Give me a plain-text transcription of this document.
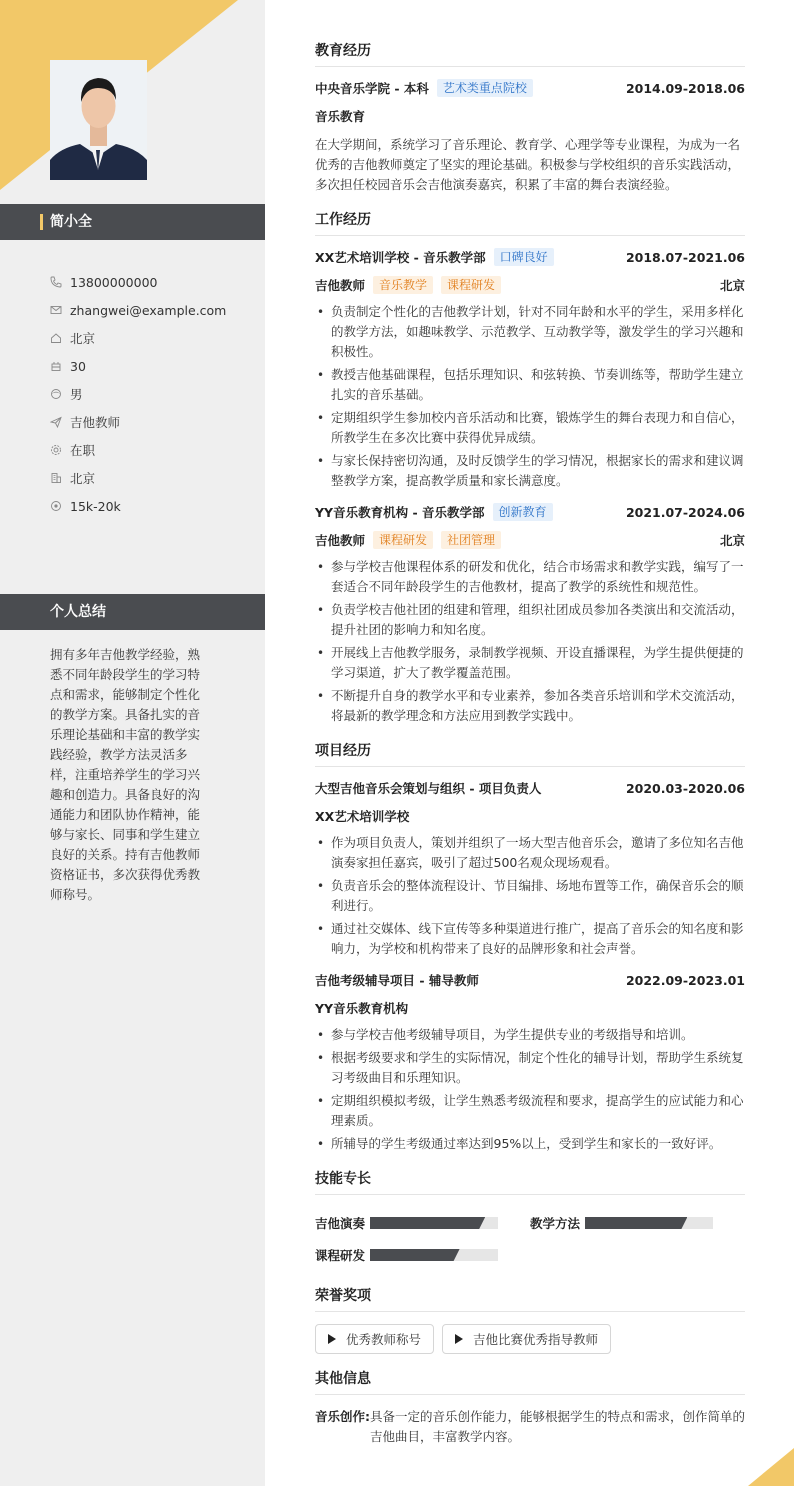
简小全
13800000000
zhangwei@example.com
北京
30
男
吉他教师
在职
北京
15k-20k
个人总结
拥有多年吉他教学经验，熟悉不同年龄段学生的学习特点和需求，能够制定个性化的教学方案。具备扎实的音乐理论基础和丰富的教学实践经验，教学方法灵活多样，注重培养学生的学习兴趣和创造力。具备良好的沟通能力和团队协作精神，能够与家长、同事和学生建立良好的关系。持有吉他教师资格证书，多次获得优秀教师称号。
教育经历
中央音乐学院 - 本科	艺术类重点院校	2014.09-2018.06
音乐教育
在大学期间，系统学习了音乐理论、教育学、心理学等专业课程，为成为一名优秀的吉他教师奠定了坚实的理论基础。积极参与学校组织的音乐实践活动，多次担任校园音乐会吉他演奏嘉宾，积累了丰富的舞台表演经验。
工作经历
XX艺术培训学校 - 音乐教学部	口碑良好	2018.07-2021.06
吉他教师	音乐教学	课程研发	北京
• 负责制定个性化的吉他教学计划，针对不同年龄和水平的学生，采用多样化的教学方法，如趣味教学、示范教学、互动教学等，激发学生的学习兴趣和积极性。
• 教授吉他基础课程，包括乐理知识、和弦转换、节奏训练等，帮助学生建立扎实的音乐基础。
• 定期组织学生参加校内音乐活动和比赛，锻炼学生的舞台表现力和自信心，所教学生在多次比赛中获得优异成绩。
• 与家长保持密切沟通，及时反馈学生的学习情况，根据家长的需求和建议调整教学方案，提高教学质量和家长满意度。
YY音乐教育机构 - 音乐教学部	创新教育	2021.07-2024.06
吉他教师	课程研发	社团管理	北京
• 参与学校吉他课程体系的研发和优化，结合市场需求和教学实践，编写了一套适合不同年龄段学生的吉他教材，提高了教学的系统性和规范性。
• 负责学校吉他社团的组建和管理，组织社团成员参加各类演出和交流活动，提升社团的影响力和知名度。
• 开展线上吉他教学服务，录制教学视频、开设直播课程，为学生提供便捷的学习渠道，扩大了教学覆盖范围。
• 不断提升自身的教学水平和专业素养，参加各类音乐培训和学术交流活动，将最新的教学理念和方法应用到教学实践中。
项目经历
大型吉他音乐会策划与组织 - 项目负责人	2020.03-2020.06
XX艺术培训学校
• 作为项目负责人，策划并组织了一场大型吉他音乐会，邀请了多位知名吉他演奏家担任嘉宾，吸引了超过500名观众现场观看。
• 负责音乐会的整体流程设计、节目编排、场地布置等工作，确保音乐会的顺利进行。
• 通过社交媒体、线下宣传等多种渠道进行推广，提高了音乐会的知名度和影响力，为学校和机构带来了良好的品牌形象和社会声誉。
吉他考级辅导项目 - 辅导教师	2022.09-2023.01
YY音乐教育机构
• 参与学校吉他考级辅导项目，为学生提供专业的考级指导和培训。
• 根据考级要求和学生的实际情况，制定个性化的辅导计划，帮助学生系统复习考级曲目和乐理知识。
• 定期组织模拟考级，让学生熟悉考级流程和要求，提高学生的应试能力和心理素质。
• 所辅导的学生考级通过率达到95%以上，受到学生和家长的一致好评。
技能专长
吉他演奏	教学方法
课程研发
荣誉奖项
优秀教师称号	吉他比赛优秀指导教师
其他信息
音乐创作: 具备一定的音乐创作能力，能够根据学生的特点和需求，创作简单的吉他曲目，丰富教学内容。
